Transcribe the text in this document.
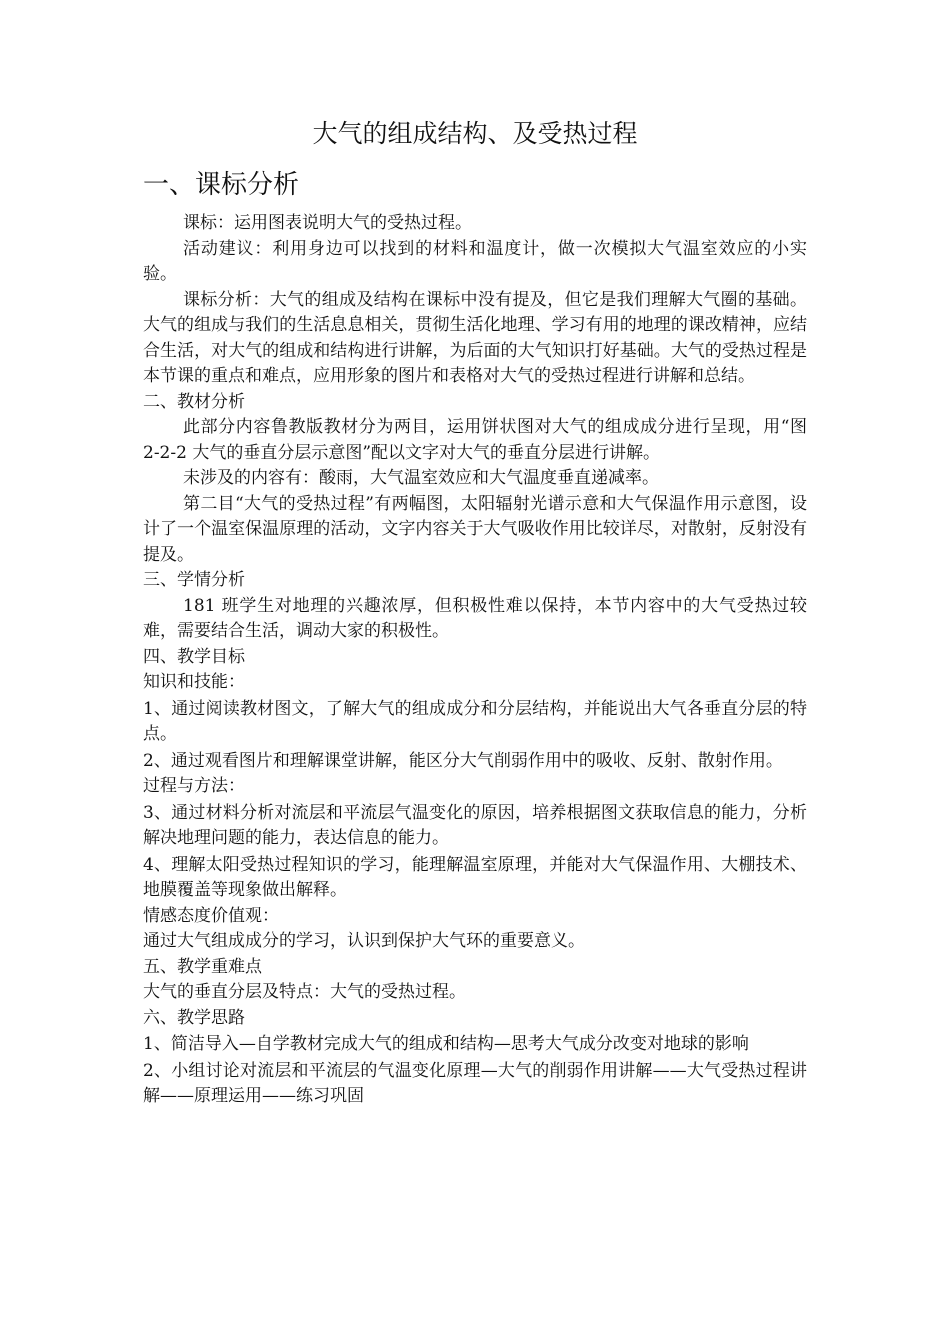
大气的组成结构、及受热过程
一、课标分析

课标：运用图表说明大气的受热过程。

活动建议：利用身边可以找到的材料和温度计，做一次模拟大气温室效应的小实验。

课标分析：大气的组成及结构在课标中没有提及，但它是我们理解大气圈的基础。大气的组成与我们的生活息息相关，贯彻生活化地理、学习有用的地理的课改精神，应结合生活，对大气的组成和结构进行讲解，为后面的大气知识打好基础。大气的受热过程是本节课的重点和难点，应用形象的图片和表格对大气的受热过程进行讲解和总结。

二、教材分析

此部分内容鲁教版教材分为两目，运用饼状图对大气的组成成分进行呈现，用“图 2-2-2 大气的垂直分层示意图”配以文字对大气的垂直分层进行讲解。

未涉及的内容有：酸雨，大气温室效应和大气温度垂直递减率。

第二目“大气的受热过程”有两幅图，太阳辐射光谱示意和大气保温作用示意图，设计了一个温室保温原理的活动，文字内容关于大气吸收作用比较详尽，对散射，反射没有提及。

三、学情分析

181 班学生对地理的兴趣浓厚，但积极性难以保持，本节内容中的大气受热过较难，需要结合生活，调动大家的积极性。

四、教学目标

知识和技能：

1、通过阅读教材图文，了解大气的组成成分和分层结构，并能说出大气各垂直分层的特点。

2、通过观看图片和理解课堂讲解，能区分大气削弱作用中的吸收、反射、散射作用。

过程与方法：

3、通过材料分析对流层和平流层气温变化的原因，培养根据图文获取信息的能力，分析解决地理问题的能力，表达信息的能力。

4、理解太阳受热过程知识的学习，能理解温室原理，并能对大气保温作用、大棚技术、地膜覆盖等现象做出解释。

情感态度价值观：

通过大气组成成分的学习，认识到保护大气环的重要意义。

五、教学重难点

大气的垂直分层及特点：大气的受热过程。

六、教学思路

1、简洁导入—自学教材完成大气的组成和结构—思考大气成分改变对地球的影响

2、小组讨论对流层和平流层的气温变化原理—大气的削弱作用讲解——大气受热过程讲解——原理运用——练习巩固
